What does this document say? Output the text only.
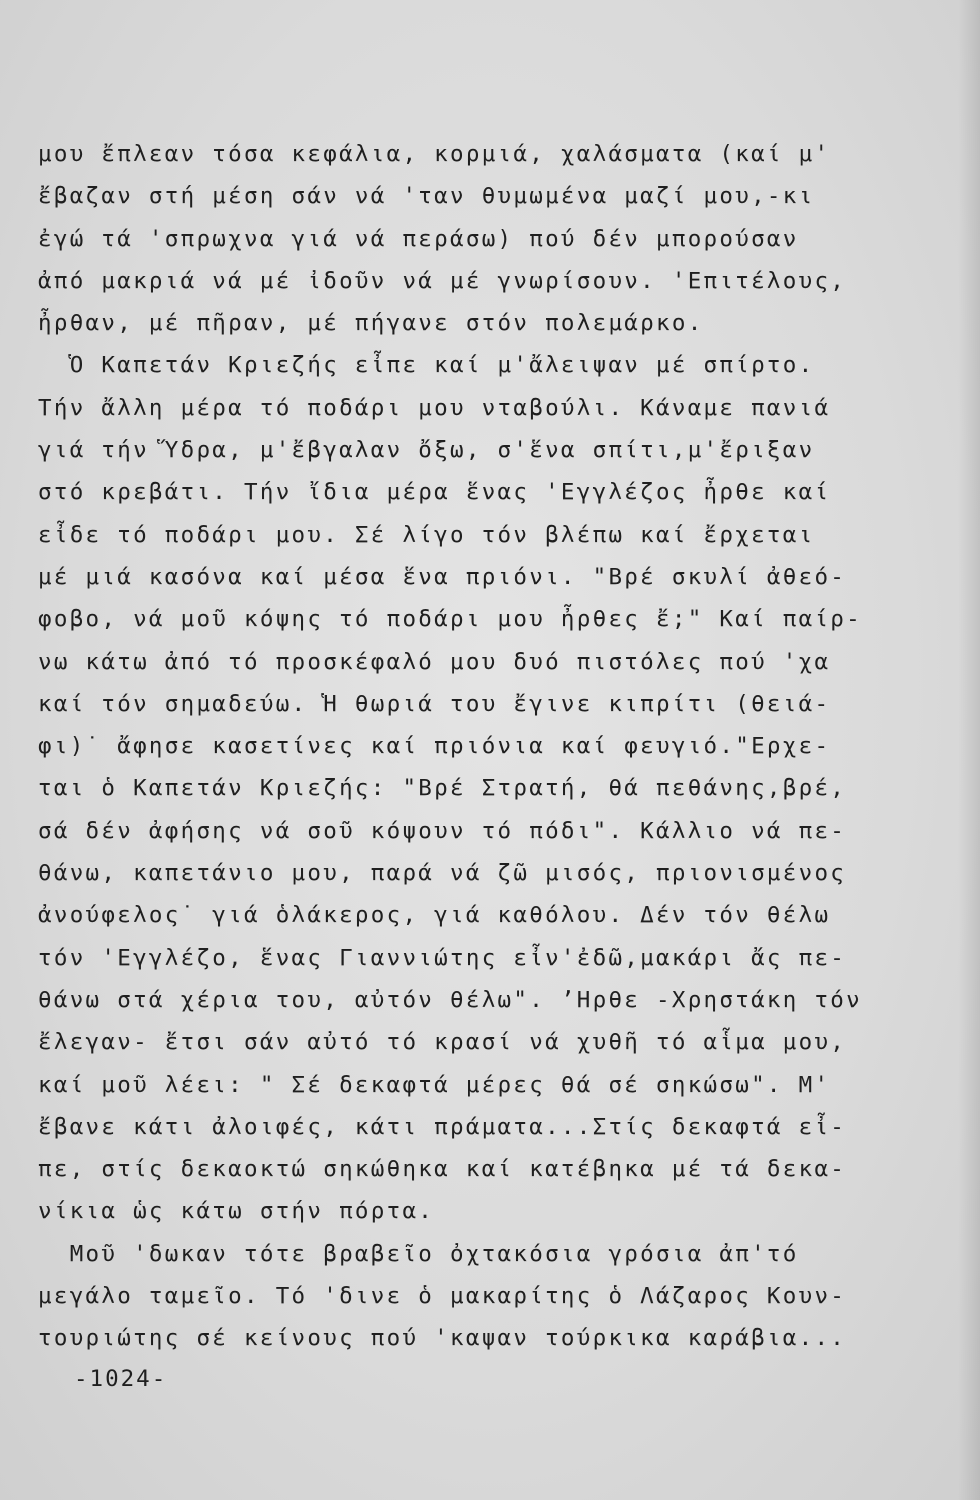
μου ἔπλεαν τόσα κεφάλια, κορμιά, χαλάσματα (καί μ'
ἔβαζαν στή μέση σάν νά 'ταν θυμωμένα μαζί μου,-κι
ἐγώ τά 'σπρωχνα γιά νά περάσω) πού δέν μπορούσαν
ἀπό μακριά νά μέ ἰδοῦν νά μέ γνωρίσουν. 'Επιτέλους,
ἦρθαν, μέ πῆραν, μέ πήγανε στόν πολεμάρκο.
Ὁ Καπετάν Κριεζής εἶπε καί μ'ἄλειψαν μέ σπίρτο.
Τήν ἄλλη μέρα τό ποδάρι μου νταβούλι. Κάναμε πανιά
γιά τήν Ὕδρα, μ'ἔβγαλαν ὄξω, σ'ἕνα σπίτι,μ'ἔριξαν
στό κρεβάτι. Τήν ἴδια μέρα ἕνας 'Εγγλέζος ἦρθε καί
εἶδε τό ποδάρι μου. Σέ λίγο τόν βλέπω καί ἔρχεται
μέ μιά κασόνα καί μέσα ἕνα πριόνι. "Βρέ σκυλί ἀθεό-
φοβο, νά μοῦ κόψης τό ποδάρι μου ἦρθες ἔ;" Καί παίρ-
νω κάτω ἀπό τό προσκέφαλό μου δυό πιστόλες πού 'χα
καί τόν σημαδεύω. Ἡ θωριά του ἔγινε κιπρίτι (θειά-
φι)˙ ἄφησε κασετίνες καί πριόνια καί φευγιό."Ερχε-
ται ὁ Καπετάν Κριεζής: "Βρέ Στρατή, θά πεθάνης,βρέ,
σά δέν ἀφήσης νά σοῦ κόψουν τό πόδι". Κάλλιο νά πε-
θάνω, καπετάνιο μου, παρά νά ζῶ μισός, πριονισμένος
ἀνούφελος˙ γιά ὁλάκερος, γιά καθόλου. Δέν τόν θέλω
τόν 'Εγγλέζο, ἕνας Γιαννιώτης εἶν'ἐδῶ,μακάρι ἄς πε-
θάνω στά χέρια του, αὐτόν θέλω". ʼΗρθε -Χρηστάκη τόν
ἔλεγαν- ἔτσι σάν αὐτό τό κρασί νά χυθῆ τό αἷμα μου,
καί μοῦ λέει: " Σέ δεκαφτά μέρες θά σέ σηκώσω". Μ'
ἔβανε κάτι ἀλοιφές, κάτι πράματα...Στίς δεκαφτά εἶ-
πε, στίς δεκαοκτώ σηκώθηκα καί κατέβηκα μέ τά δεκα-
νίκια ὡς κάτω στήν πόρτα.
Μοῦ 'δωκαν τότε βραβεῖο ὀχτακόσια γρόσια ἀπ'τό
μεγάλο ταμεῖο. Τό 'δινε ὁ μακαρίτης ὁ Λάζαρος Κουν-
τουριώτης σέ κείνους πού 'καψαν τούρκικα καράβια...
-1024-
